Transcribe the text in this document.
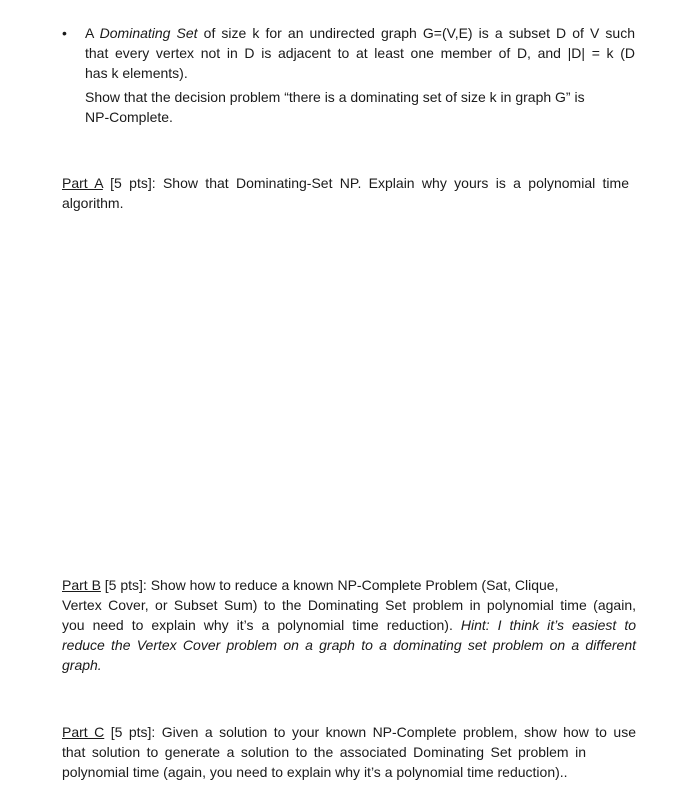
• A Dominating Set of size k for an undirected graph G=(V,E) is a subset D of V such

that every vertex not in D is adjacent to at least one member of D, and |D| = k (D

has k elements).

Show that the decision problem “there is a dominating set of size k in graph G” is

NP-Complete.

Part A [5 pts]: Show that Dominating-Set NP. Explain why yours is a polynomial time

algorithm.

Part B [5 pts]: Show how to reduce a known NP-Complete Problem (Sat, Clique,

Vertex Cover, or Subset Sum) to the Dominating Set problem in polynomial time (again,

you need to explain why it’s a polynomial time reduction). Hint: I think it’s easiest to

reduce the Vertex Cover problem on a graph to a dominating set problem on a different

graph.

Part C [5 pts]: Given a solution to your known NP-Complete problem, show how to use

that solution to generate a solution to the associated Dominating Set problem in

polynomial time (again, you need to explain why it’s a polynomial time reduction)..
